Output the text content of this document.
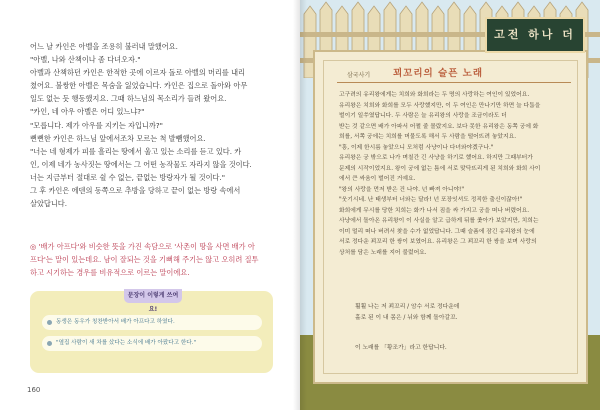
어느 날 카인은 아벨을 조용히 불러내 말했어요.

"아벨, 나와 산책이나 좀 다녀오자."

아벨과 산책하던 카인은 한적한 곳에 이르자 돌로 아벨의 머리를 내리

쳤어요. 불쌍한 아벨은 목숨을 잃었습니다. 카인은 집으로 돌아와 아무

일도 없는 듯 행동했지요. 그때 하느님의 목소리가 들려 왔어요.

"카인, 네 아우 아벨은 어디 있느냐?"

"모릅니다. 제가 아우를 지키는 자입니까?"

뻔뻔한 카인은 하느님 앞에서조차 모르는 척 발뺌했어요.

"너는 네 형제가 피를 흘리는 땅에서 울고 있는 소리를 듣고 있다. 카

인, 이제 네가 농사짓는 땅에서는 그 어떤 농작물도 자라지 않을 것이다.

너는 지금부터 절대로 쉴 수 없는, 끝없는 방랑자가 될 것이다."

그 후 카인은 에덴의 동쪽으로 추방을 당하고 끝이 없는 방랑 속에서

살았답니다.

◎ '배가 아프다'와 비슷한 뜻을 가진 속담으로 '사촌이 땅을 사면 배가 아

프다'는 말이 있는데요. 남이 잘되는 것을 기뻐해 주기는 않고 오히려 질투

하고 시기하는 경우를 비유적으로 이르는 말이에요.

문장이 이렇게 쓰여요!
동생은 동우가 칭찬받아서 배가 아프다고 하였다.
"옆집 사람이 새 차를 샀다는 소식에 배가 아팠다고 한다."
160
삼국사기 꾀꼬리의 슬픈 노래

고구려의 유리왕에게는 치희와 화희라는 두 명의 사랑하는 여인이 있었어요.

유리왕은 치희와 화희를 모두 사랑했지만, 이 두 여인은 만나기만 하면 늘 다툼을

벌이기 일쑤였답니다. 두 사람은 늘 유리왕의 사랑을 조금이라도 더

받는 것 같으면 배가 아파서 어쩔 줄 몰랐지요. 보다 못한 유리왕은 동쪽 궁에 화

희를, 서쪽 궁에는 치희를 머물도록 해서 두 사람을 떨어뜨려 놓았지요.

"흥, 이제 한시름 놓았으니 모처럼 사냥이나 다녀와야겠구나."

유리왕은 궁 밖으로 나가 며칠간 긴 사냥을 하기로 했어요. 하지만 그때부터가

문제의 시작이었지요. 왕이 궁에 없는 틈에 서로 맞닥뜨리게 된 치희와 화희 사이

에서 큰 싸움이 벌어진 거예요.

"왕의 사랑을 먼저 받은 건 나야. 넌 빠져 아니야!"

"웃기시네. 난 태생부터 너와는 달라! 넌 포장잇셔도 정직한 출신이잖아!"

화희에게 무시를 당한 치희는 화가 나서 짐을 싸 가지고 궁을 떠나 버렸어요.

사냥에서 돌아온 유리왕이 이 사실을 알고 급하게 뒤를 좇아가 보았지만, 치희는

이미 멀리 떠나 버려서 찾을 수가 없었답니다. 그때 슬픔에 잠긴 유리왕의 눈에

서로 정다운 꾀꼬리 한 쌍이 보였어요. 유리왕은 그 꾀꼬리 한 쌍을 보며 사랑의

상처를 담은 노래를 지어 불렀어요.

훨훨 나는 저 꾀꼬리 / 암수 서로 정다운데

홀로 된 이 내 몸은 / 뉘와 함께 돌아갈꼬.

이 노래를 「황조가」라고 한답니다.
고전 하나 더
